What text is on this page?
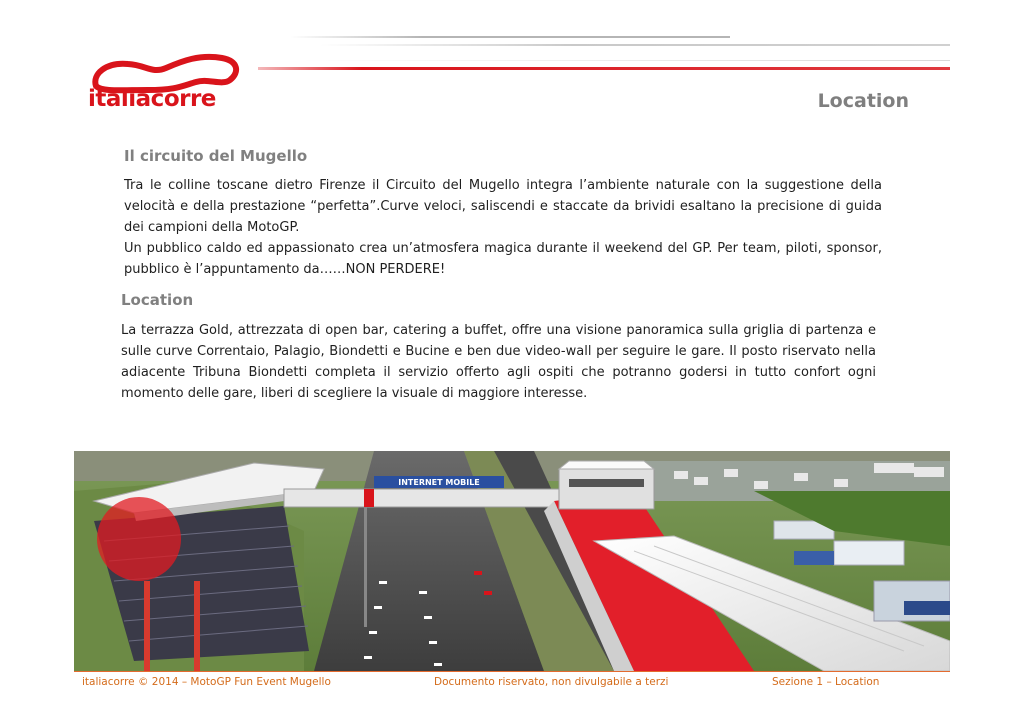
italiacorre	Location
Il circuito del Mugello

Tra le colline toscane dietro Firenze il Circuito del Mugello integra l’ambiente naturale con la suggestione della velocità e della prestazione “perfetta”.Curve veloci, saliscendi e staccate da brividi esaltano la precisione di guida dei campioni della MotoGP.

Un pubblico caldo ed appassionato crea un’atmosfera magica durante il weekend del GP. Per team, piloti, sponsor, pubblico è l’appuntamento da……NON PERDERE!

Location

La terrazza Gold, attrezzata di open bar, catering a buffet, offre una visione panoramica sulla griglia di partenza e sulle curve Correntaio, Palagio, Biondetti e Bucine e ben due video-wall per seguire le gare. Il posto riservato nella adiacente Tribuna Biondetti completa il servizio offerto agli ospiti che potranno godersi in tutto confort ogni momento delle gare, liberi di scegliere la visuale di maggiore interesse.

INTERNET MOBILE
italiacorre © 2014 – MotoGP Fun Event Mugello	Documento riservato, non divulgabile a terzi	Sezione 1 – Location
